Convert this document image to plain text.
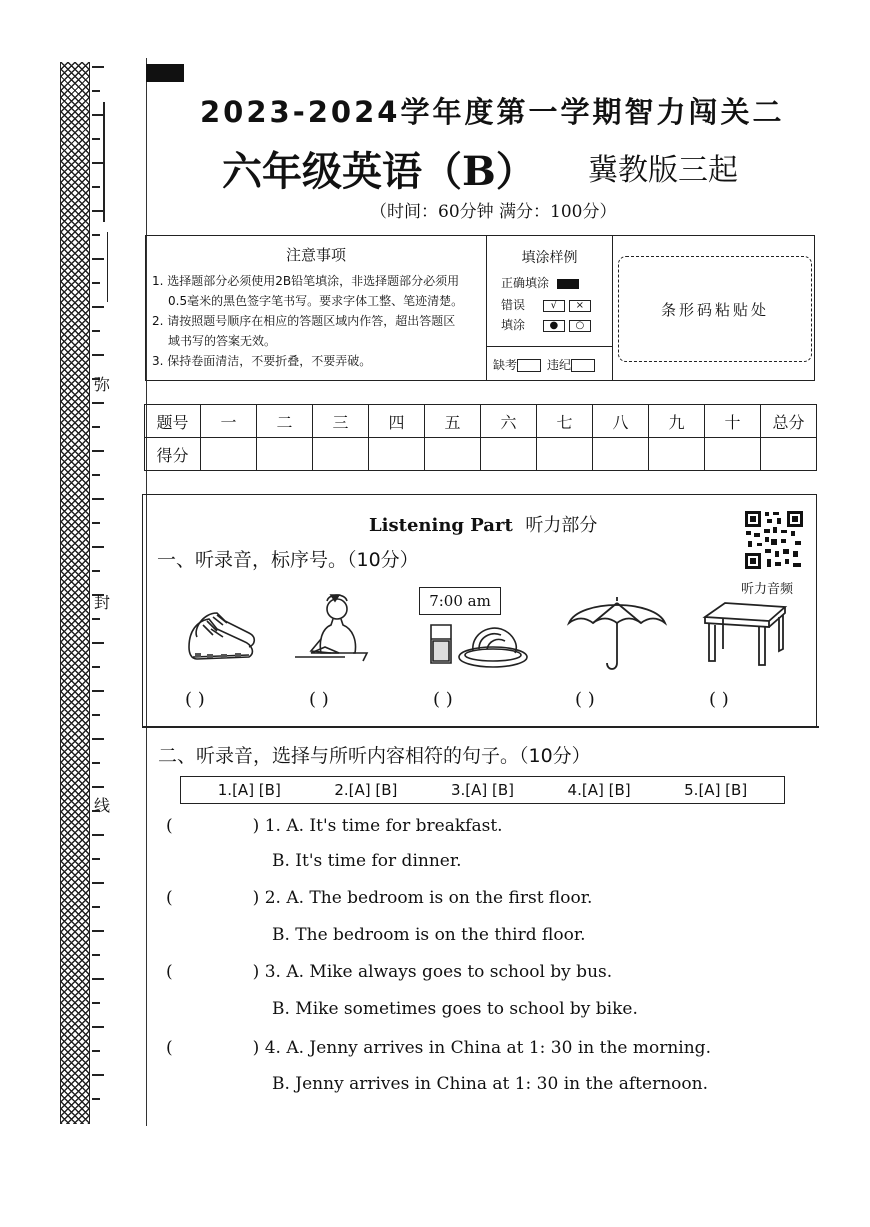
弥
封
线
2023-2024学年度第一学期智力闯关二
六年级英语（B） 冀教版三起
（时间：60分钟 满分：100分）
注意事项
1. 选择题部分必须使用2B铅笔填涂，非选择题部分必须用
0.5毫米的黑色签字笔书写。要求字体工整、笔迹清楚。
2. 请按照题号顺序在相应的答题区域内作答，超出答题区
域书写的答案无效。
3. 保持卷面清洁，不要折叠，不要弄破。
填涂样例
正确填涂
错误	√ ×
填涂 ● ○
缺考	违纪
条形码粘贴处
题号	一	二	三	四	五	六	七	八	九	十	总分
得分											
Listening Part 听力部分
听力音频
一、听录音，标序号。（10分）
7:00 am
( )	( )	( )	( )	( )
二、听录音，选择与所听内容相符的句子。（10分）
1.[A] [B]	2.[A] [B]	3.[A] [B]	4.[A] [B]	5.[A] [B]
(	) 1. A. It's time for breakfast.
B. It's time for dinner.
(	) 2. A. The bedroom is on the first floor.
B. The bedroom is on the third floor.
(	) 3. A. Mike always goes to school by bus.
B. Mike sometimes goes to school by bike.
(	) 4. A. Jenny arrives in China at 1: 30 in the morning.
B. Jenny arrives in China at 1: 30 in the afternoon.
